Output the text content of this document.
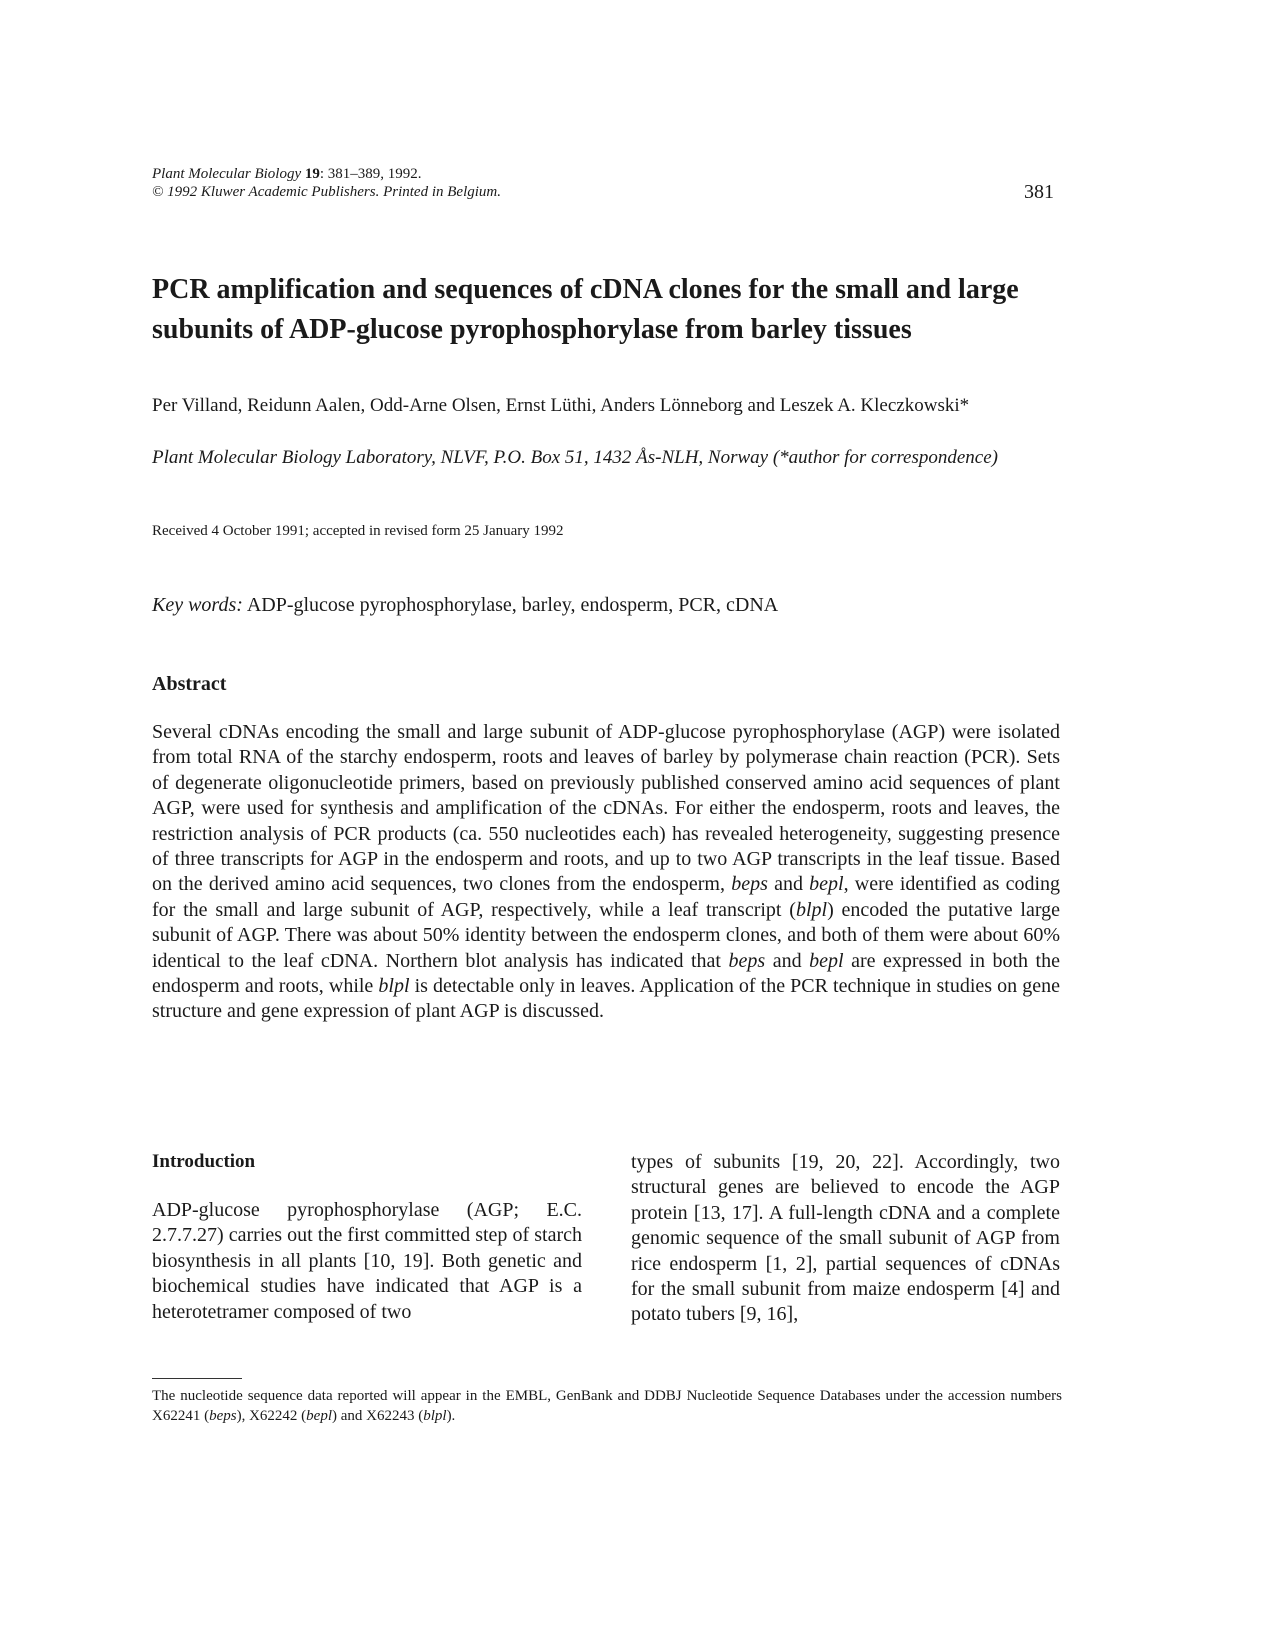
Plant Molecular Biology 19: 381–389, 1992.
© 1992 Kluwer Academic Publishers. Printed in Belgium.	381
PCR amplification and sequences of cDNA clones for the small and large subunits of ADP-glucose pyrophosphorylase from barley tissues
Per Villand, Reidunn Aalen, Odd-Arne Olsen, Ernst Lüthi, Anders Lönneborg and Leszek A. Kleczkowski*
Plant Molecular Biology Laboratory, NLVF, P.O. Box 51, 1432 Ås-NLH, Norway (*author for correspondence)
Received 4 October 1991; accepted in revised form 25 January 1992
Key words: ADP-glucose pyrophosphorylase, barley, endosperm, PCR, cDNA
Abstract

Several cDNAs encoding the small and large subunit of ADP-glucose pyrophosphorylase (AGP) were isolated from total RNA of the starchy endosperm, roots and leaves of barley by polymerase chain reaction (PCR). Sets of degenerate oligonucleotide primers, based on previously published conserved amino acid sequences of plant AGP, were used for synthesis and amplification of the cDNAs. For either the endosperm, roots and leaves, the restriction analysis of PCR products (ca. 550 nucleotides each) has revealed heterogeneity, suggesting presence of three transcripts for AGP in the endosperm and roots, and up to two AGP transcripts in the leaf tissue. Based on the derived amino acid sequences, two clones from the endosperm, beps and bepl, were identified as coding for the small and large subunit of AGP, respectively, while a leaf transcript (blpl) encoded the putative large subunit of AGP. There was about 50% identity between the endosperm clones, and both of them were about 60% identical to the leaf cDNA. Northern blot analysis has indicated that beps and bepl are expressed in both the endosperm and roots, while blpl is detectable only in leaves. Application of the PCR technique in studies on gene structure and gene expression of plant AGP is discussed.

Introduction

ADP-glucose pyrophosphorylase (AGP; E.C. 2.7.7.27) carries out the first committed step of starch biosynthesis in all plants [10, 19]. Both genetic and biochemical studies have indicated that AGP is a heterotetramer composed of two

types of subunits [19, 20, 22]. Accordingly, two structural genes are believed to encode the AGP protein [13, 17]. A full-length cDNA and a complete genomic sequence of the small subunit of AGP from rice endosperm [1, 2], partial sequences of cDNAs for the small subunit from maize endosperm [4] and potato tubers [9, 16],

The nucleotide sequence data reported will appear in the EMBL, GenBank and DDBJ Nucleotide Sequence Databases under the accession numbers X62241 (beps), X62242 (bepl) and X62243 (blpl).
